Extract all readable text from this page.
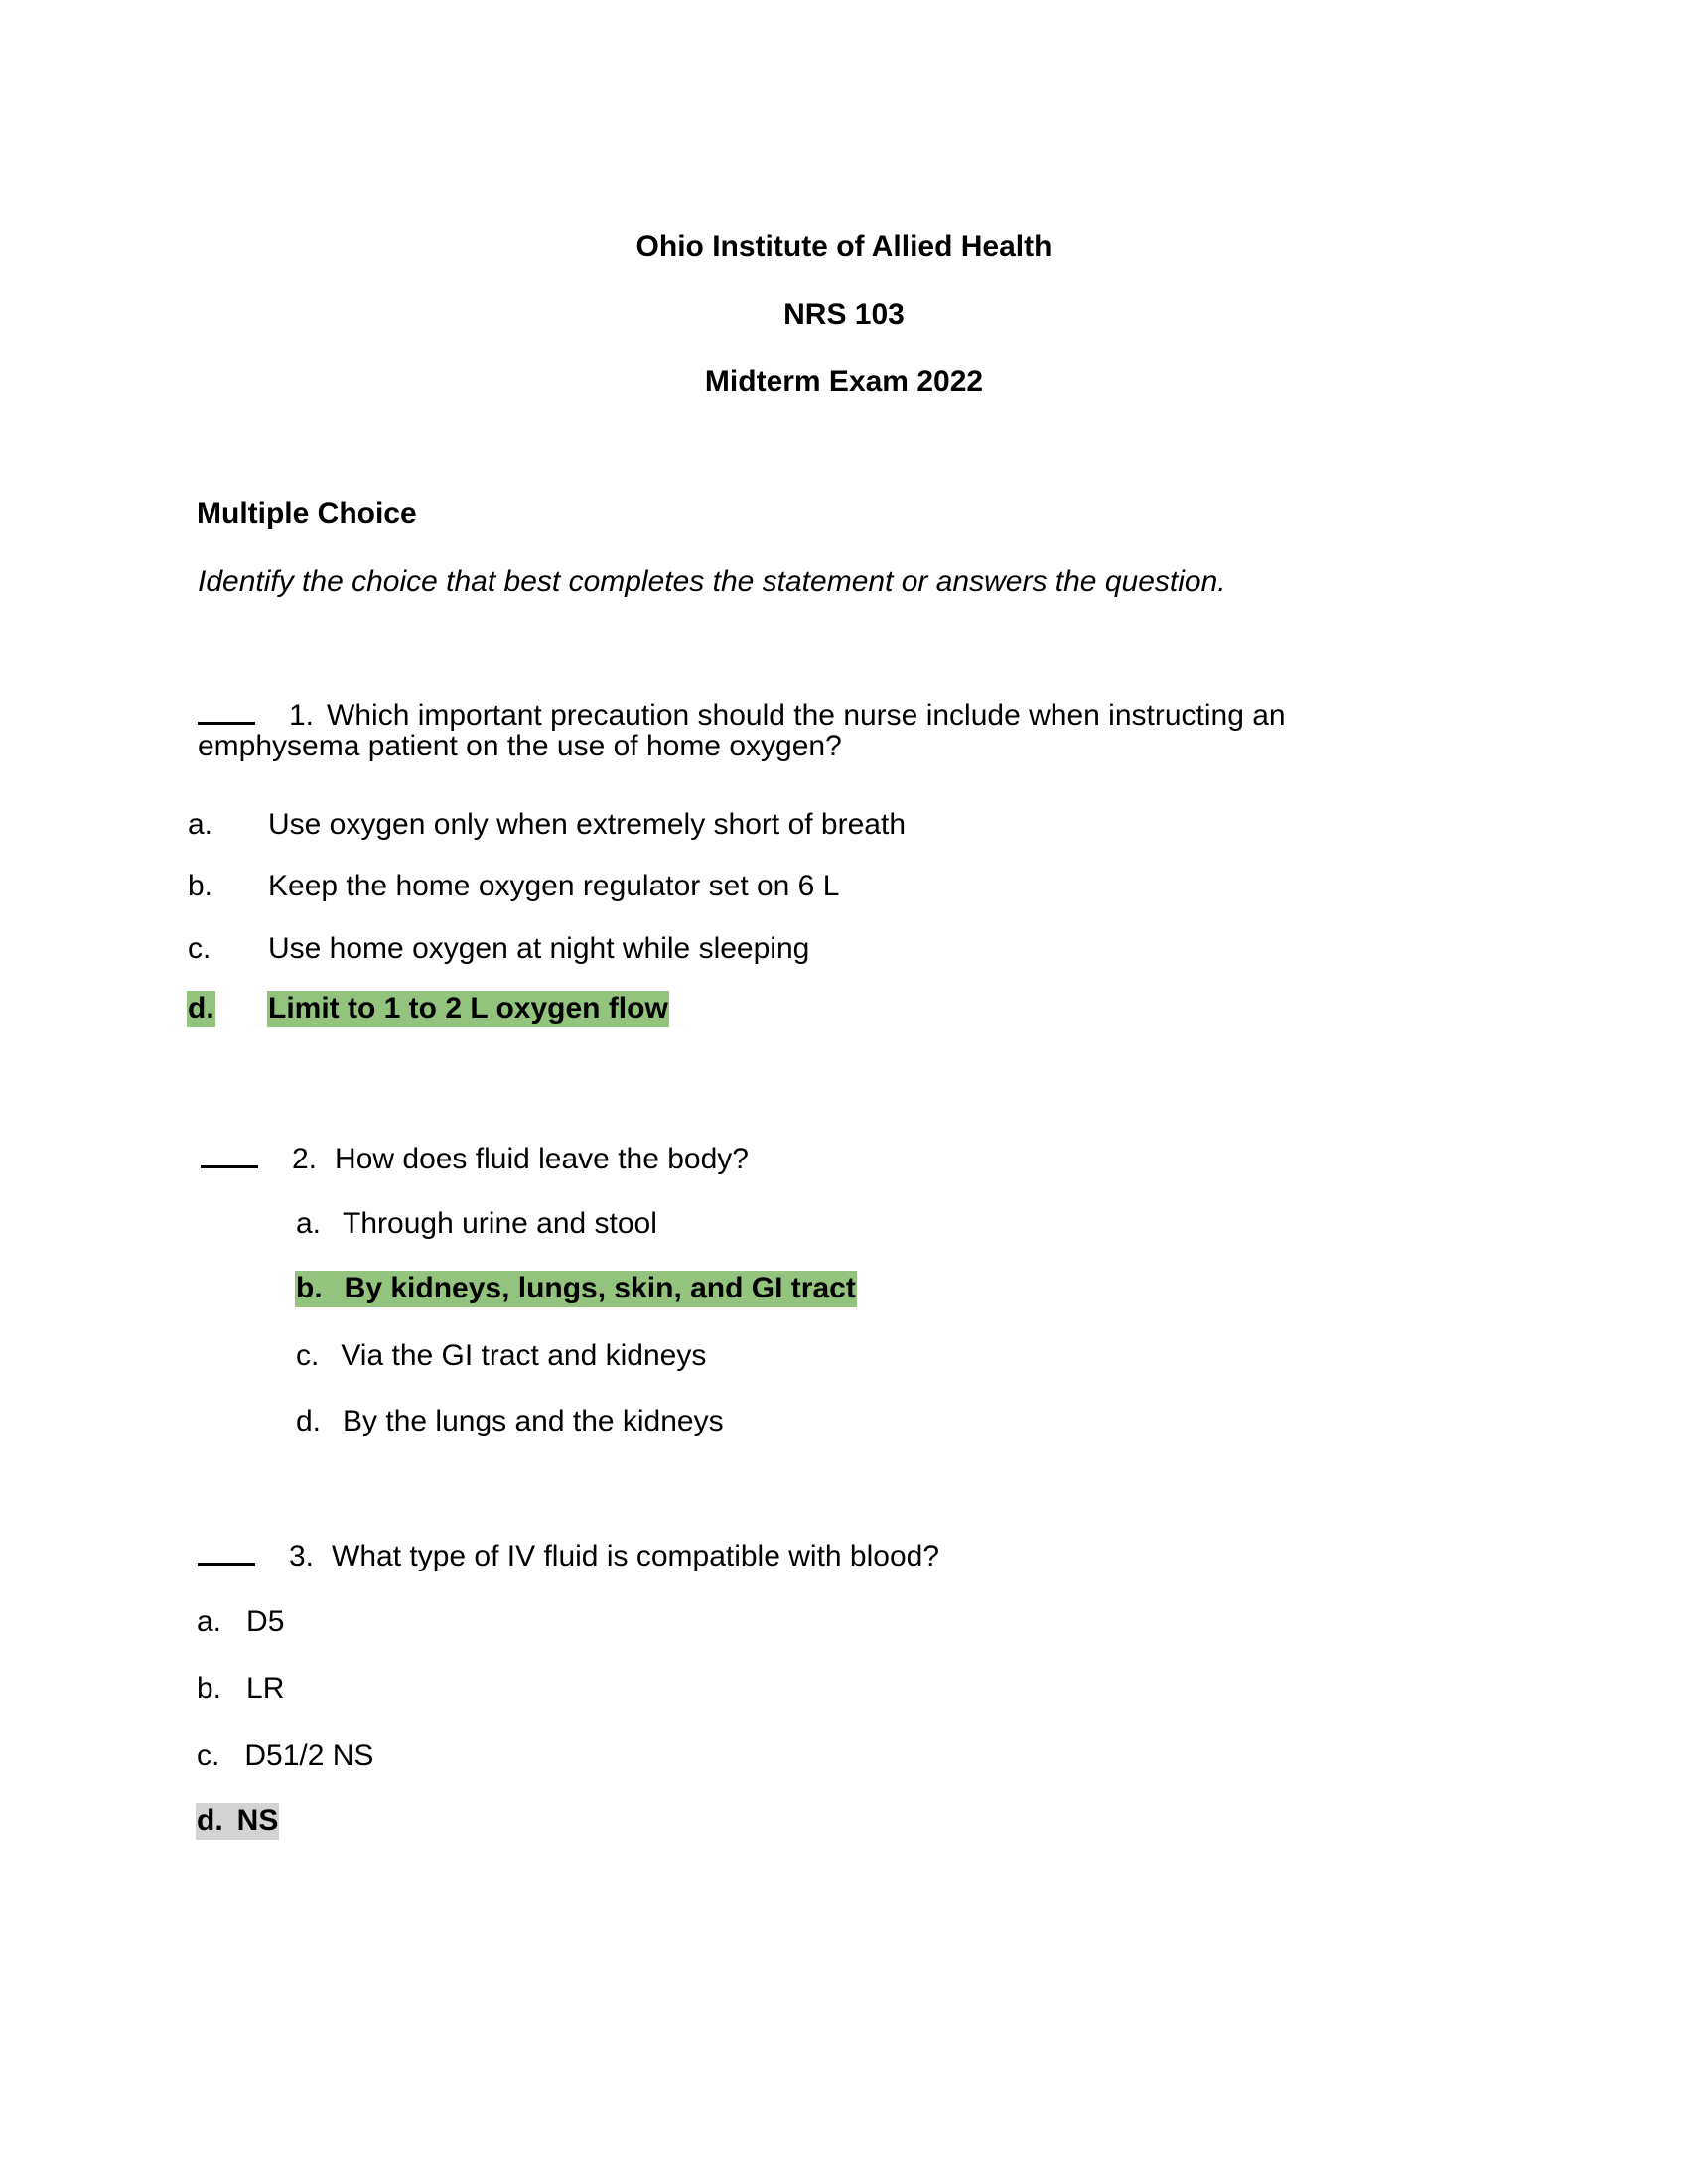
Ohio Institute of Allied Health
NRS 103
Midterm Exam 2022
Multiple Choice
Identify the choice that best completes the statement or answers the question.
1. Which important precaution should the nurse include when instructing an
emphysema patient on the use of home oxygen?
a. Use oxygen only when extremely short of breath
b. Keep the home oxygen regulator set on 6 L
c. Use home oxygen at night while sleeping
d. Limit to 1 to 2 L oxygen flow
2. How does fluid leave the body?
a. Through urine and stool
b. By kidneys, lungs, skin, and GI tract
c. Via the GI tract and kidneys
d. By the lungs and the kidneys
3. What type of IV fluid is compatible with blood?
a. D5
b. LR
c. D51/2 NS
d. NS
